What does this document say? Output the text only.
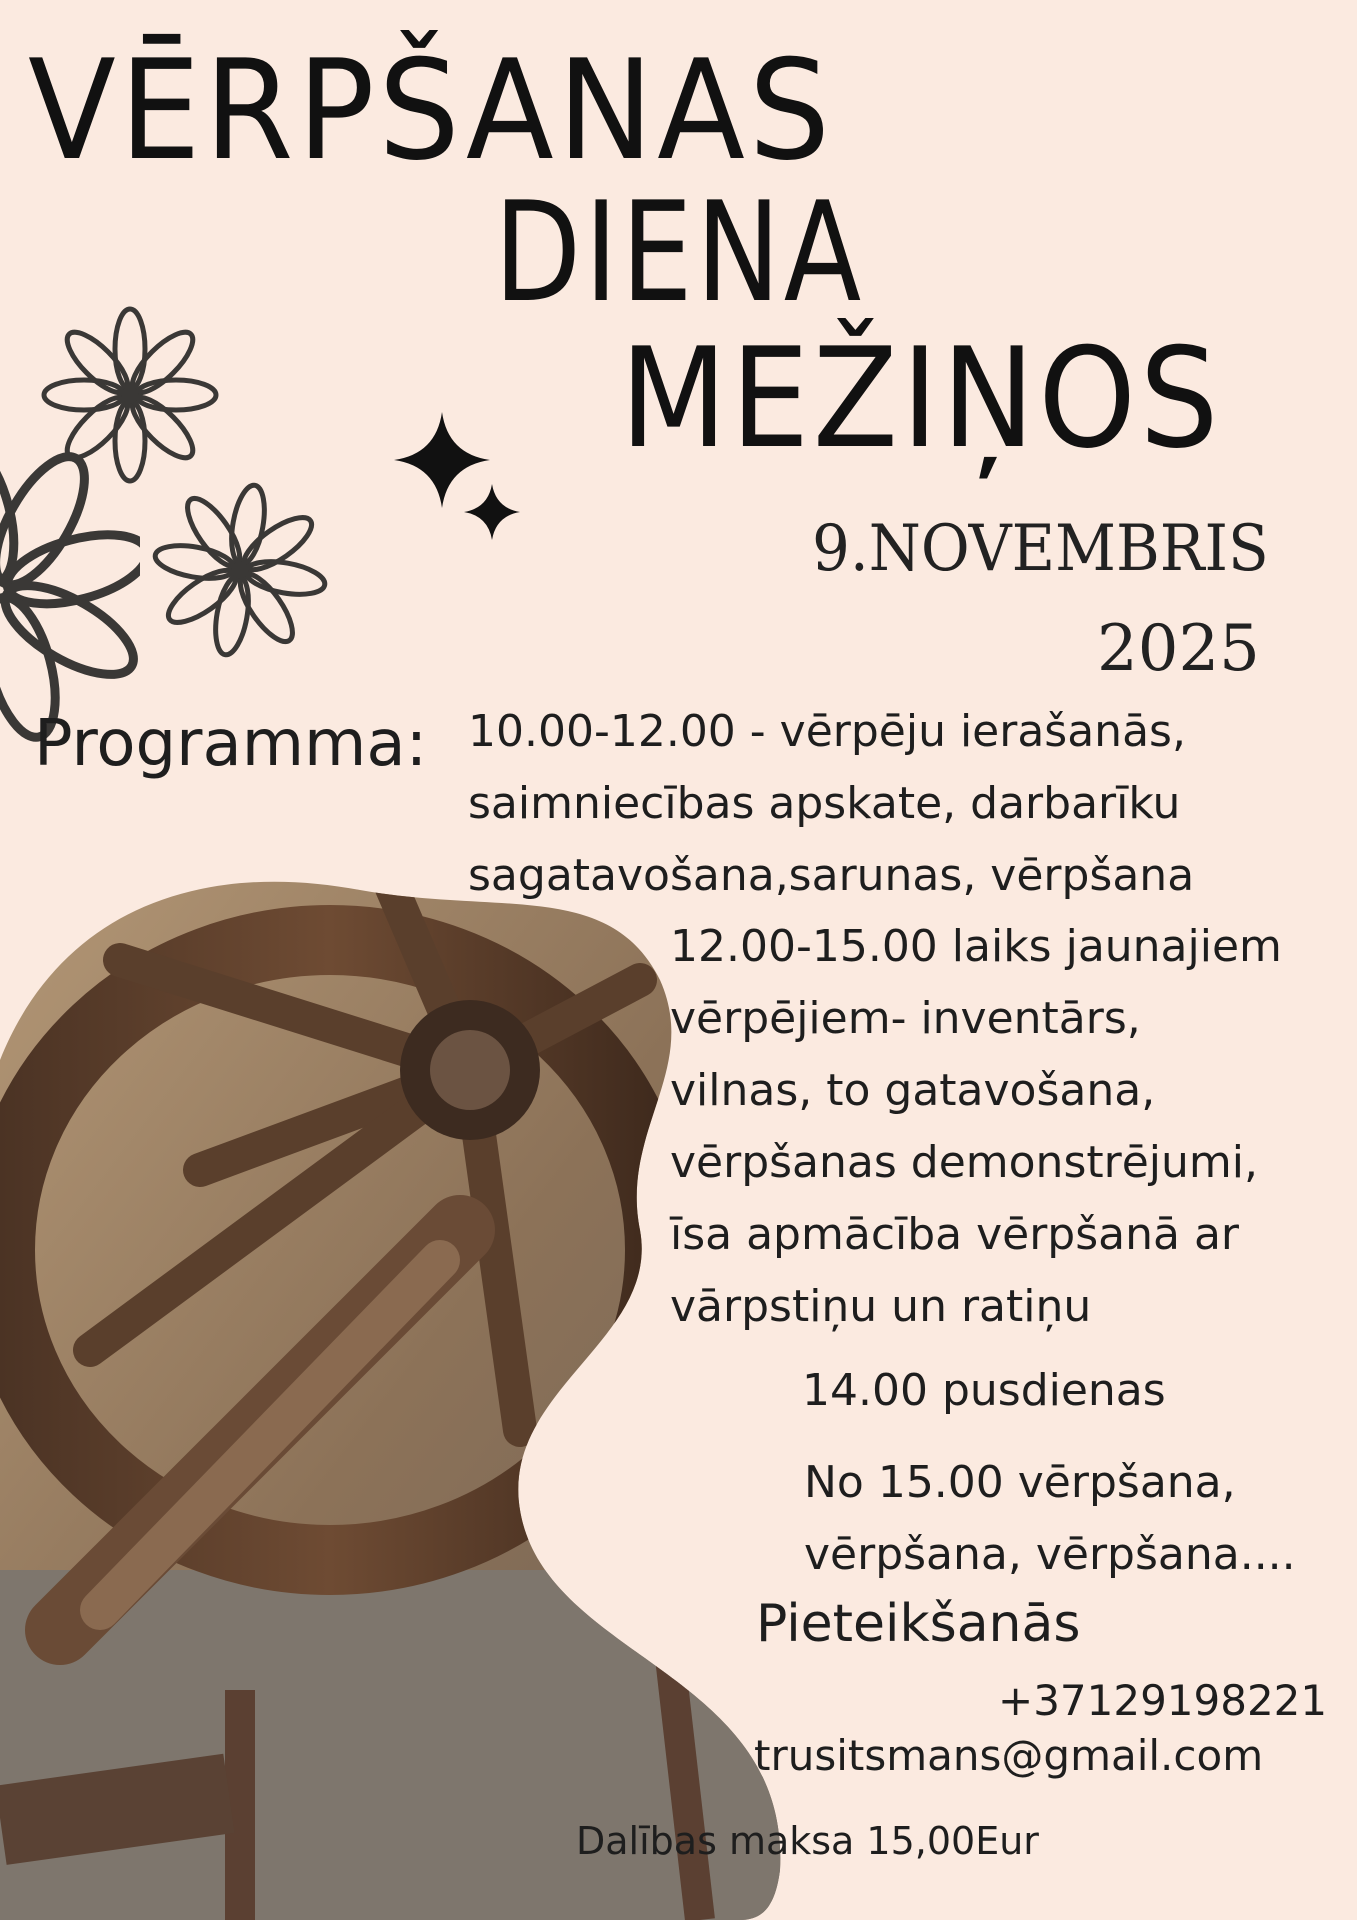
VĒRPŠANAS
DIENA
MEŽIŅOS
9.NOVEMBRIS
2025
Programma: 10.00-12.00 - vērpēju ierašanās,
saimniecības apskate, darbarīku
sagatavošana,sarunas, vērpšana
12.00-15.00 laiks jaunajiem
vērpējiem- inventārs,
vilnas, to gatavošana,
vērpšanas demonstrējumi,
īsa apmācība vērpšanā ar
vārpstiņu un ratiņu
14.00 pusdienas
No 15.00 vērpšana,
vērpšana, vērpšana....
Pieteikšanās
+37129198221
trusitsmans@gmail.com
Dalības maksa 15,00Eur
